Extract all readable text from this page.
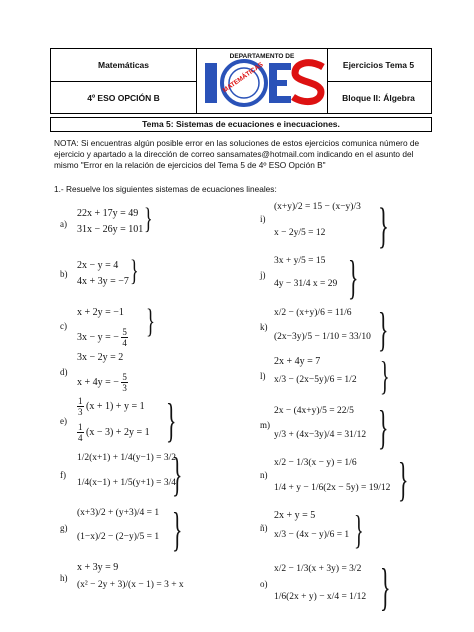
Matemáticas
4º ESO OPCIÓN B
Ejercicios Tema 5
Bloque II: Álgebra
MATEMÁTICAS
DEPARTAMENTO DE
Tema 5: Sistemas de ecuaciones e inecuaciones.
NOTA: Si encuentras algún posible error en las soluciones de estos ejercicios comunica número de ejercicio y apartado a la dirección de correo sansamates@hotmail.com indicando en el asunto del mismo "Error en la relación de ejercicios del Tema 5 de 4º ESO Opción B"
1.- Resuelve los siguientes sistemas de ecuaciones lineales:
a)
22x + 17y = 49
31x − 26y = 101 }
b)
2x − y = 4
4x + 3y = −7 }
c)
x + 2y = −1
3x − y = − $\frac{5}{4}$ }
d)
3x − 2y = 2
x + 4y = − $\frac{5}{3}$
e)
$\frac{1}{3} (x + 1) + y = 1$
$\frac{1}{4} (x - 3) + 2y = 1$ }
f)
1/2(x+1) + 1/4(y−1) = 3/2
1/4(x−1) + 1/5(y+1) = 3/4
}
g)
(x+3)/2 + (y+3)/4 = 1
(1−x)/2 − (2−y)/5 = 1 }
h)
x + 3y = 9
(x² − 2y + 3)/(x − 1) = 3 + x
i)
(x+y)/2 = 15 − (x−y)/3
x − 2y/5 = 12 }
j)
3x + y/5 = 15
4y − 31/4 x = 29 }
k)
x/2 − (x+y)/6 = 11/6
(2x−3y)/5 − 1/10 = 33/10 }
l)
2x + 4y = 7
x/3 − (2x−5y)/6 = 1/2 }
m)
2x − (4x+y)/5 = 22/5
y/3 + (4x−3y)/4 = 31/12 }
n)
x/2 − 1/3(x − y) = 1/6
1/4 + y − 1/6(2x − 5y) = 19/12 }
ñ)
2x + y = 5
x/3 − (4x − y)/6 = 1 }
o)
x/2 − 1/3(x + 3y) = 3/2
1/6(2x + y) − x/4 = 1/12 }
